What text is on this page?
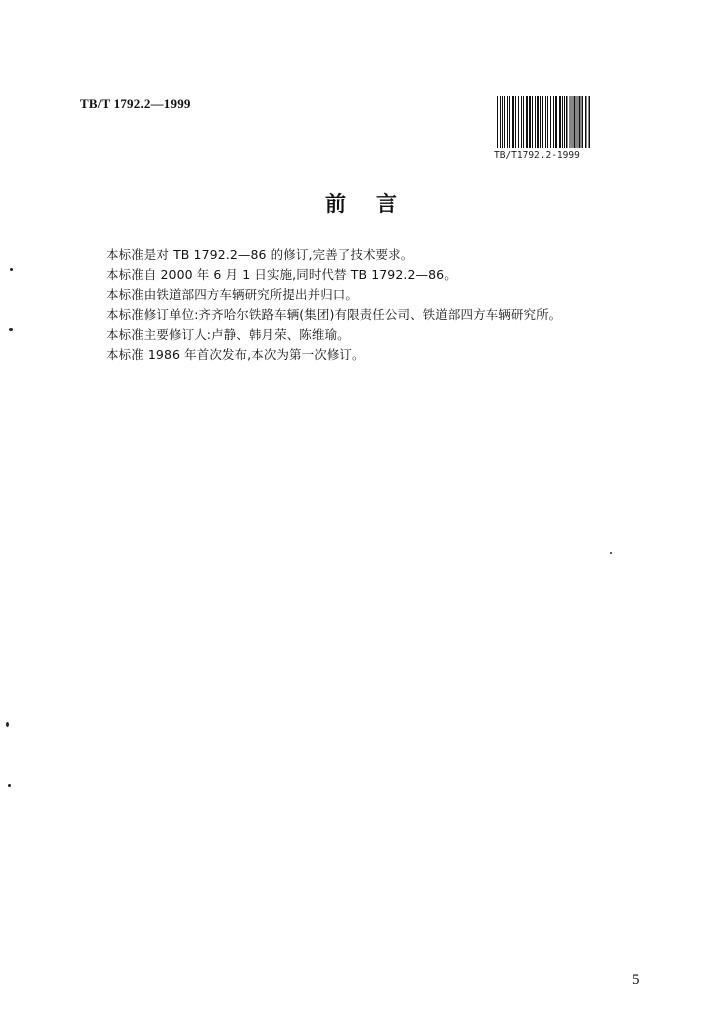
TB/T 1792.2—1999
TB/T1792.2-1999
前言
本标准是对 TB 1792.2—86 的修订,完善了技术要求。
本标准自 2000 年 6 月 1 日实施,同时代替 TB 1792.2—86。
本标准由铁道部四方车辆研究所提出并归口。
本标准修订单位:齐齐哈尔铁路车辆(集团)有限责任公司、铁道部四方车辆研究所。
本标准主要修订人:卢静、韩月荣、陈维瑜。
本标准 1986 年首次发布,本次为第一次修订。
5
